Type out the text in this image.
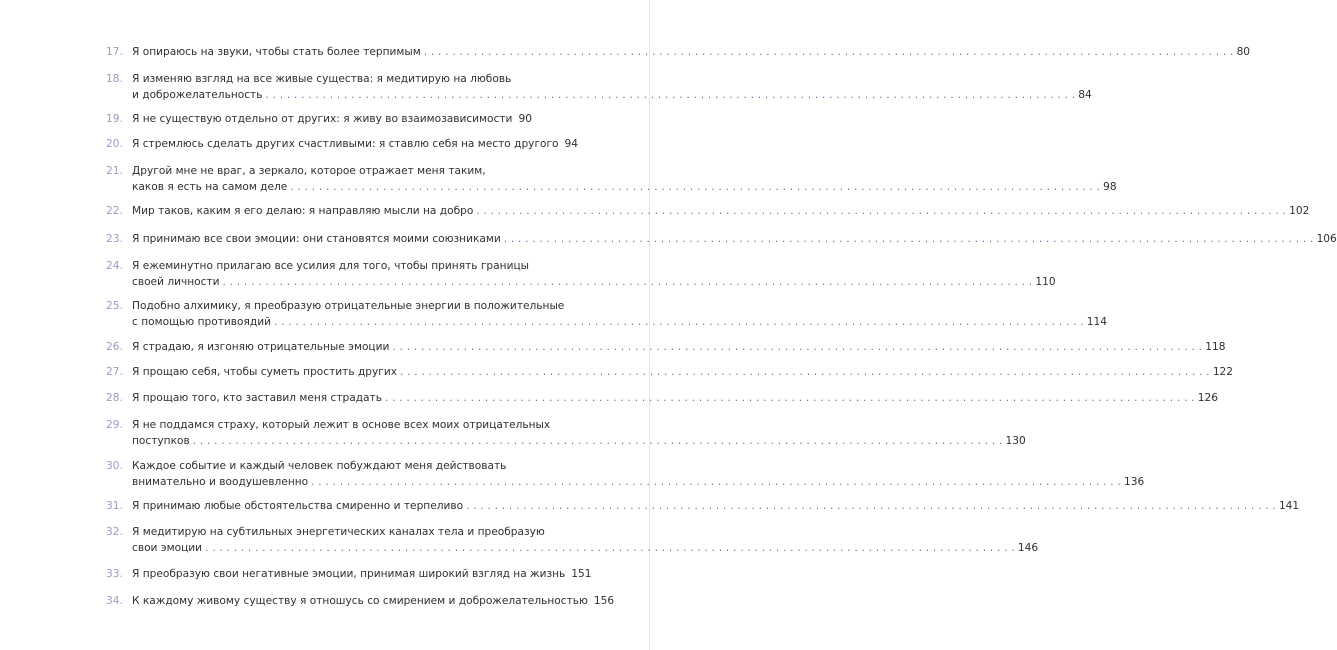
17. Я опираюсь на звуки, чтобы стать более терпимым . . .	80
18. Я изменяю взгляд на все живые существа: я медитирую на любовь
и доброжелательность . . .	84
19. Я не существую отдельно от других: я живу во взаимозависимости . . . 90
20. Я стремлюсь сделать других счастливыми: я ставлю себя на место другого 94
21. Другой мне не враг, а зеркало, которое отражает меня таким,
каков я есть на самом деле . . .	98
22. Мир таков, каким я его делаю: я направляю мысли на добро . . .	102
23. Я принимаю все свои эмоции: они становятся моими союзниками . . .	106
24. Я ежеминутно прилагаю все усилия для того, чтобы принять границы
своей личности . . .	110
25. Подобно алхимику, я преобразую отрицательные энергии в положительные
с помощью противоядий . . .	114
26. Я страдаю, я изгоняю отрицательные эмоции . . .	118
27. Я прощаю себя, чтобы суметь простить других . . .	122
28. Я прощаю того, кто заставил меня страдать . . .	126
29. Я не поддамся страху, который лежит в основе всех моих отрицательных
поступков . . .	130
30. Каждое событие и каждый человек побуждают меня действовать
внимательно и воодушевленно . . .	136
31. Я принимаю любые обстоятельства смиренно и терпеливо . . .	141
32. Я медитирую на субтильных энергетических каналах тела и преобразую
свои эмоции . . .	146
33. Я преобразую свои негативные эмоции, принимая широкий взгляд на жизнь 151
34. К каждому живому существу я отношусь со смирением и доброжелательностью 156
